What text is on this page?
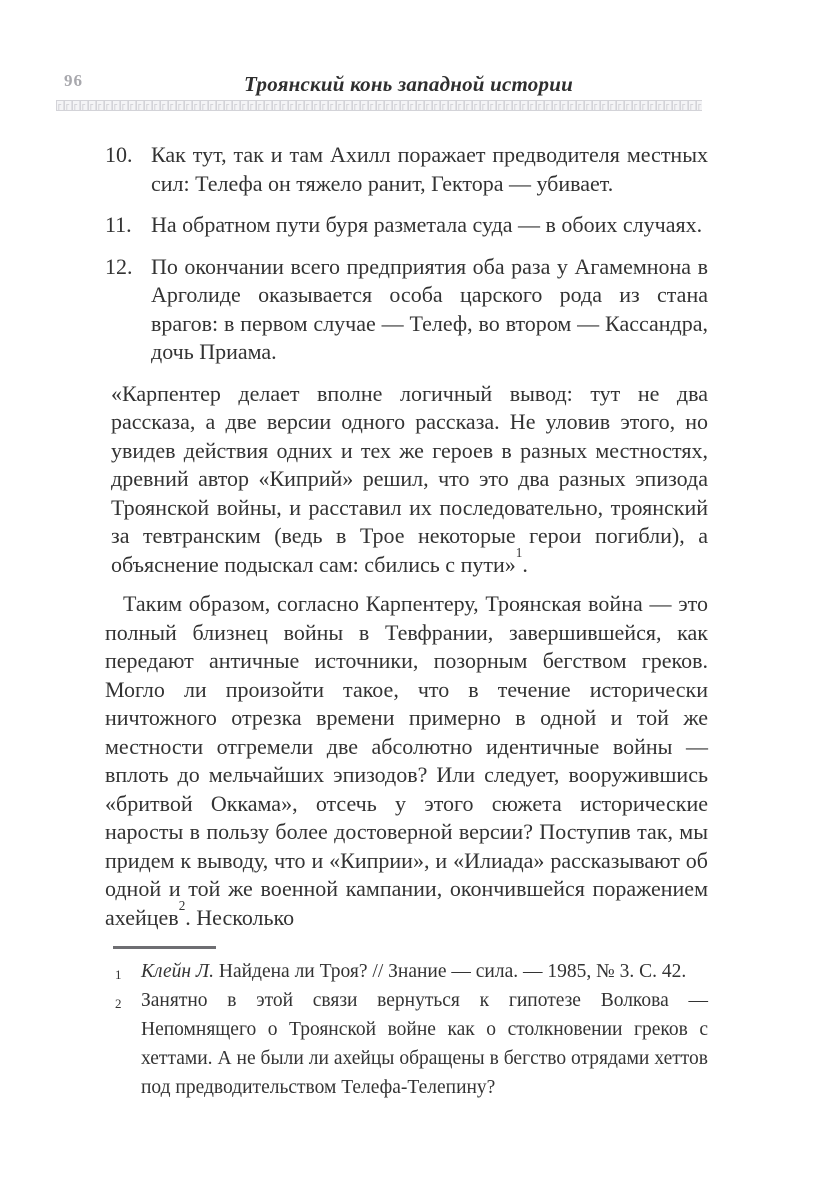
96	Троянский конь западной истории
10. Как тут, так и там Ахилл поражает предводителя местных сил: Телефа он тяжело ранит, Гектора — убивает.

11. На обратном пути буря разметала суда — в обоих случаях.

12. По окончании всего предприятия оба раза у Агамемнона в Арголиде оказывается особа царского рода из стана врагов: в первом случае — Телеф, во втором — Кассандра, дочь Приама.

«Карпентер делает вполне логичный вывод: тут не два рассказа, а две версии одного рассказа. Не уловив этого, но увидев действия одних и тех же героев в разных местностях, древний автор «Киприй» решил, что это два разных эпизода Троянской войны, и расставил их последовательно, троянский за тевтранским (ведь в Трое некоторые герои погибли), а объяснение подыскал сам: сбились с пути»$^1$.

Таким образом, согласно Карпентеру, Троянская война — это полный близнец войны в Тевфрании, завершившейся, как передают античные источники, позорным бегством греков. Могло ли произойти такое, что в течение исторически ничтожного отрезка времени примерно в одной и той же местности отгремели две абсолютно идентичные войны — вплоть до мельчайших эпизодов? Или следует, вооружившись «бритвой Оккама», отсечь у этого сюжета исторические наросты в пользу более достоверной версии? Поступив так, мы придем к выводу, что и «Киприи», и «Илиада» рассказывают об одной и той же военной кампании, окончившейся поражением ахейцев$^2$. Несколько

1 Клейн Л. Найдена ли Троя? // Знание — сила. — 1985, № 3. С. 42.
2 Занятно в этой связи вернуться к гипотезе Волкова — Непомнящего о Троянской войне как о столкновении греков с хеттами. А не были ли ахейцы обращены в бегство отрядами хеттов под предводительством Телефа-Телепину?
